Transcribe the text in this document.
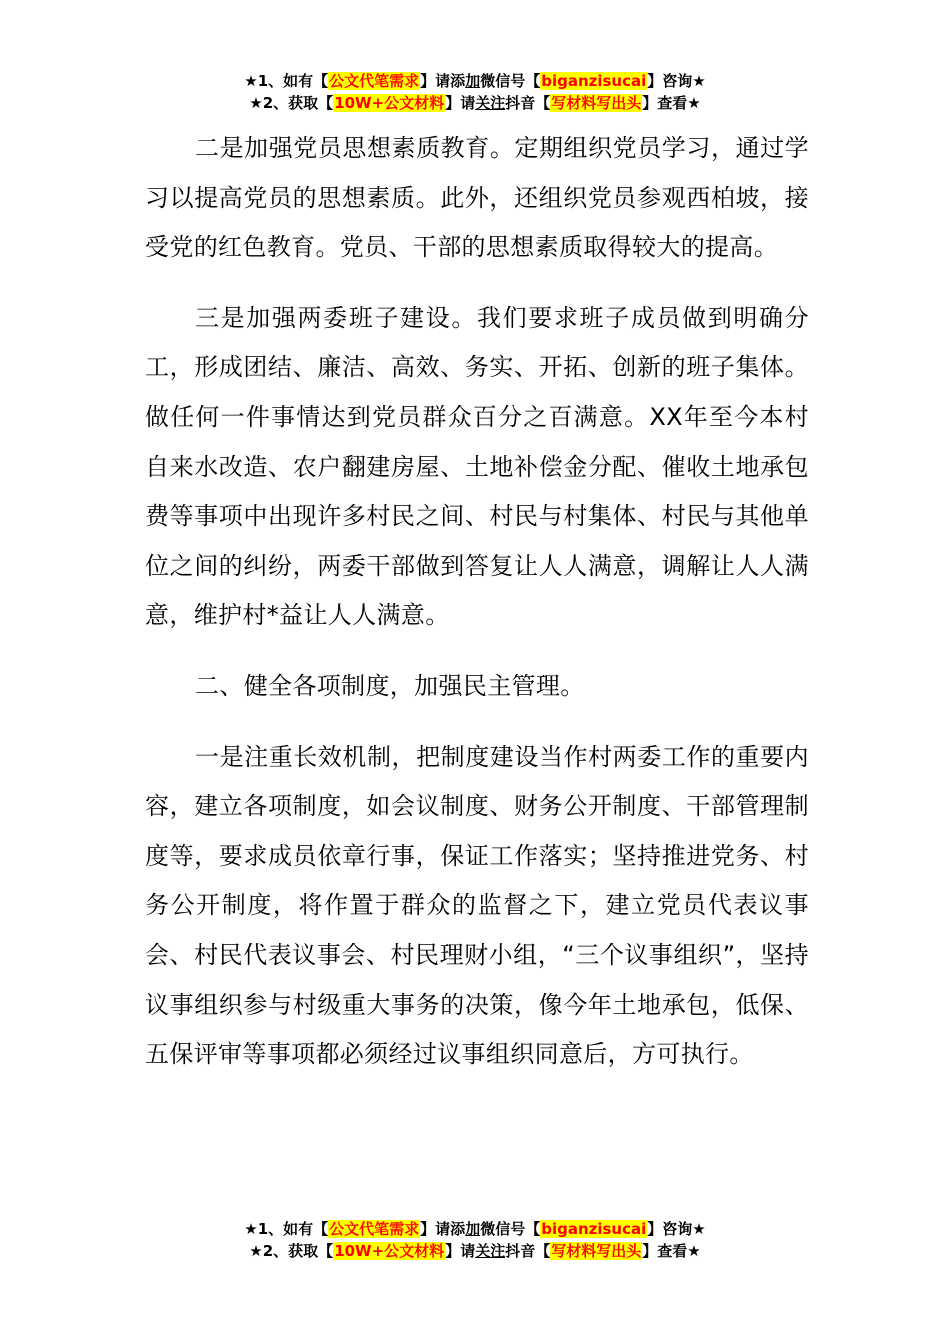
★1、如有【公文代笔需求】请添加微信号【biganzisucai】咨询★
★2、获取【10W+公文材料】请关注抖音【写材料写出头】查看★

二是加强党员思想素质教育。定期组织党员学习，通过学习以提高党员的思想素质。此外，还组织党员参观西柏坡，接受党的红色教育。党员、干部的思想素质取得较大的提高。

三是加强两委班子建设。我们要求班子成员做到明确分工，形成团结、廉洁、高效、务实、开拓、创新的班子集体。做任何一件事情达到党员群众百分之百满意。XX年至今本村自来水改造、农户翻建房屋、土地补偿金分配、催收土地承包费等事项中出现许多村民之间、村民与村集体、村民与其他单位之间的纠纷，两委干部做到答复让人人满意，调解让人人满意，维护村*益让人人满意。

二、健全各项制度，加强民主管理。

一是注重长效机制，把制度建设当作村两委工作的重要内容，建立各项制度，如会议制度、财务公开制度、干部管理制度等，要求成员依章行事，保证工作落实；坚持推进党务、村务公开制度，将作置于群众的监督之下，建立党员代表议事会、村民代表议事会、村民理财小组，“三个议事组织”，坚持议事组织参与村级重大事务的决策，像今年土地承包，低保、五保评审等事项都必须经过议事组织同意后，方可执行。

★1、如有【公文代笔需求】请添加微信号【biganzisucai】咨询★
★2、获取【10W+公文材料】请关注抖音【写材料写出头】查看★
